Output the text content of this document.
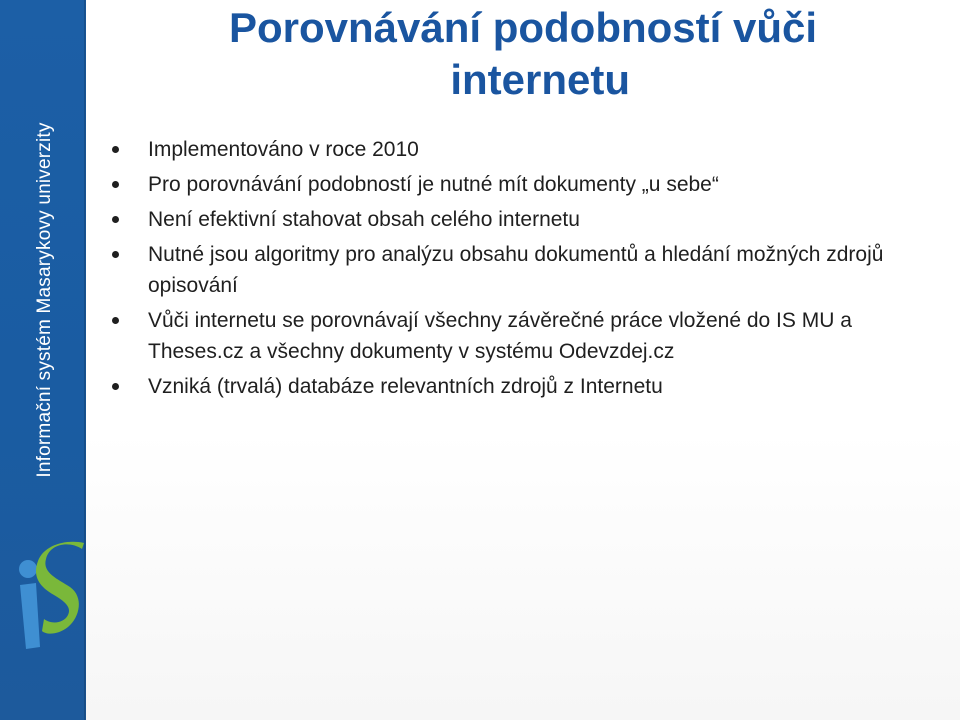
Informační systém Masarykovy univerzity
Porovnávání podobností vůči
internetu
Implementováno v roce 2010
Pro porovnávání podobností je nutné mít dokumenty „u sebe“
Není efektivní stahovat obsah celého internetu
Nutné jsou algoritmy pro analýzu obsahu dokumentů a hledání možných zdrojů opisování
Vůči internetu se porovnávají všechny závěrečné práce vložené do IS MU a Theses.cz a všechny dokumenty v systému Odevzdej.cz
Vzniká (trvalá) databáze relevantních zdrojů z Internetu
